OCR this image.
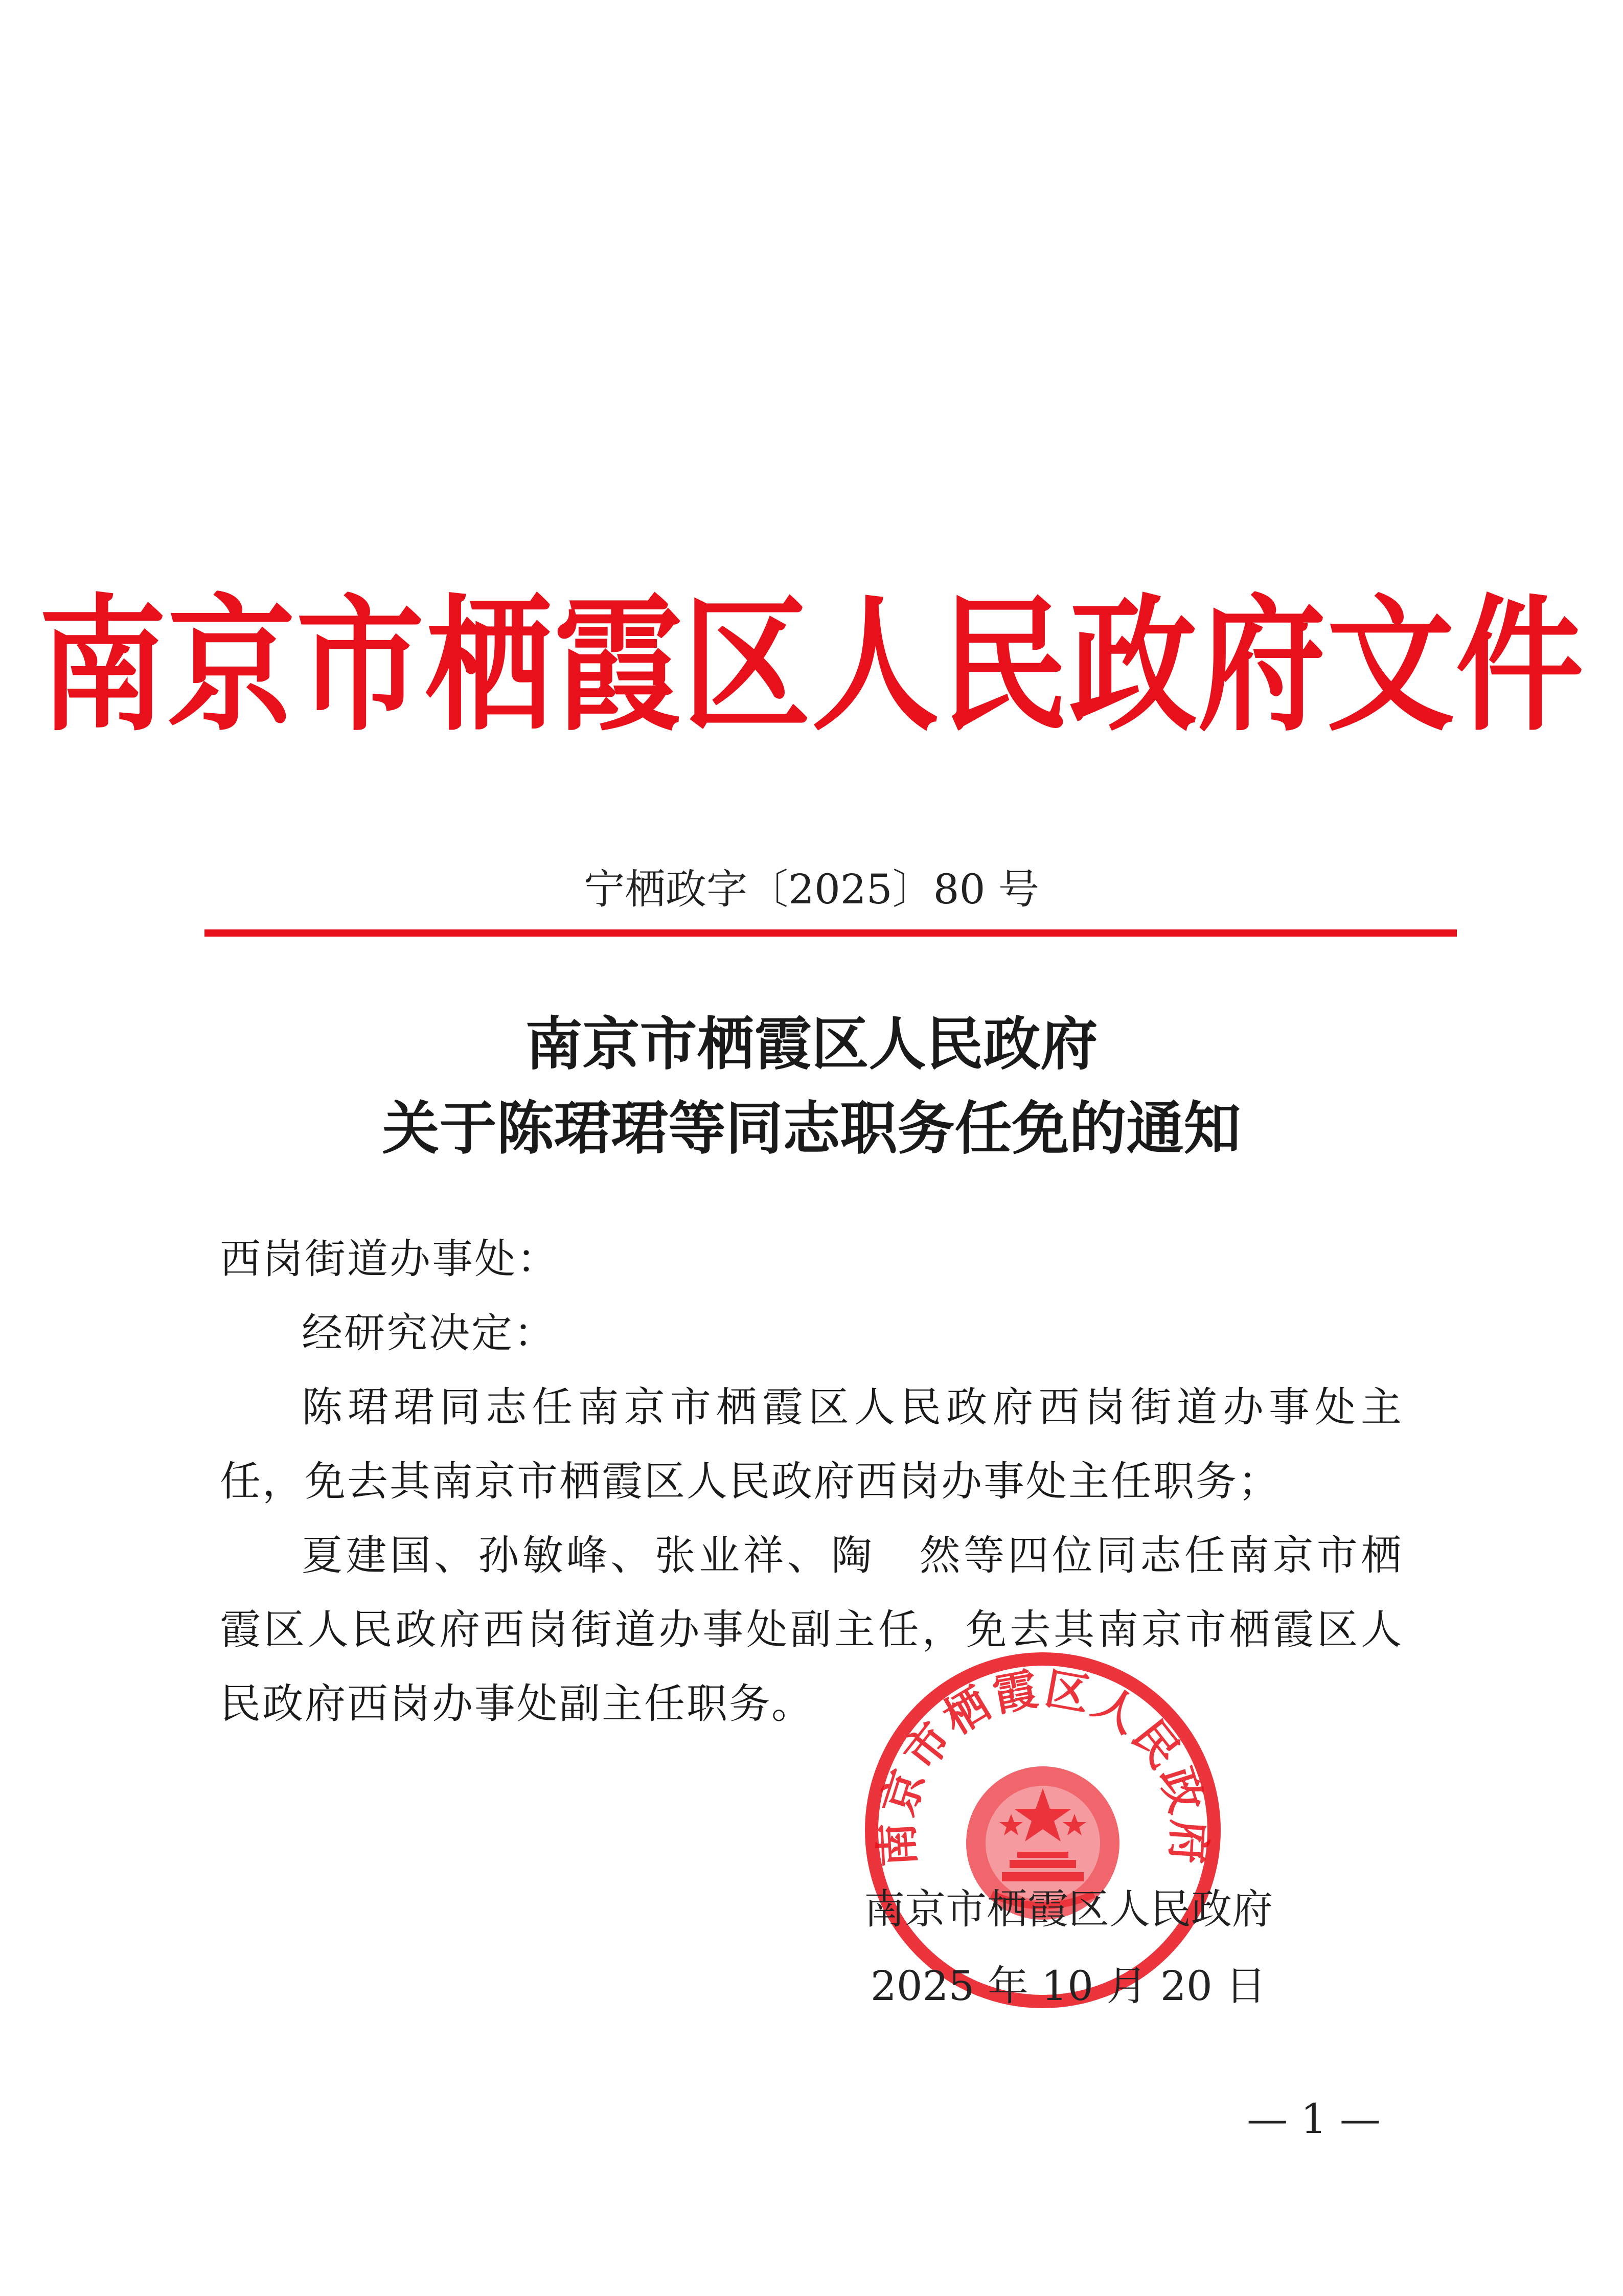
南京市栖霞区人民政府文件
宁栖政字〔2025〕80 号
南京市栖霞区人民政府
关于陈珺珺等同志职务任免的通知

西岗街道办事处：

经研究决定：

陈珺珺同志任南京市栖霞区人民政府西岗街道办事处主任，免去其南京市栖霞区人民政府西岗办事处主任职务；

夏建国、孙敏峰、张业祥、陶　然等四位同志任南京市栖霞区人民政府西岗街道办事处副主任，免去其南京市栖霞区人民政府西岗办事处副主任职务。

南京市栖霞区人民政府
南京市栖霞区人民政府
2025 年 10 月 20 日
— 1 —
